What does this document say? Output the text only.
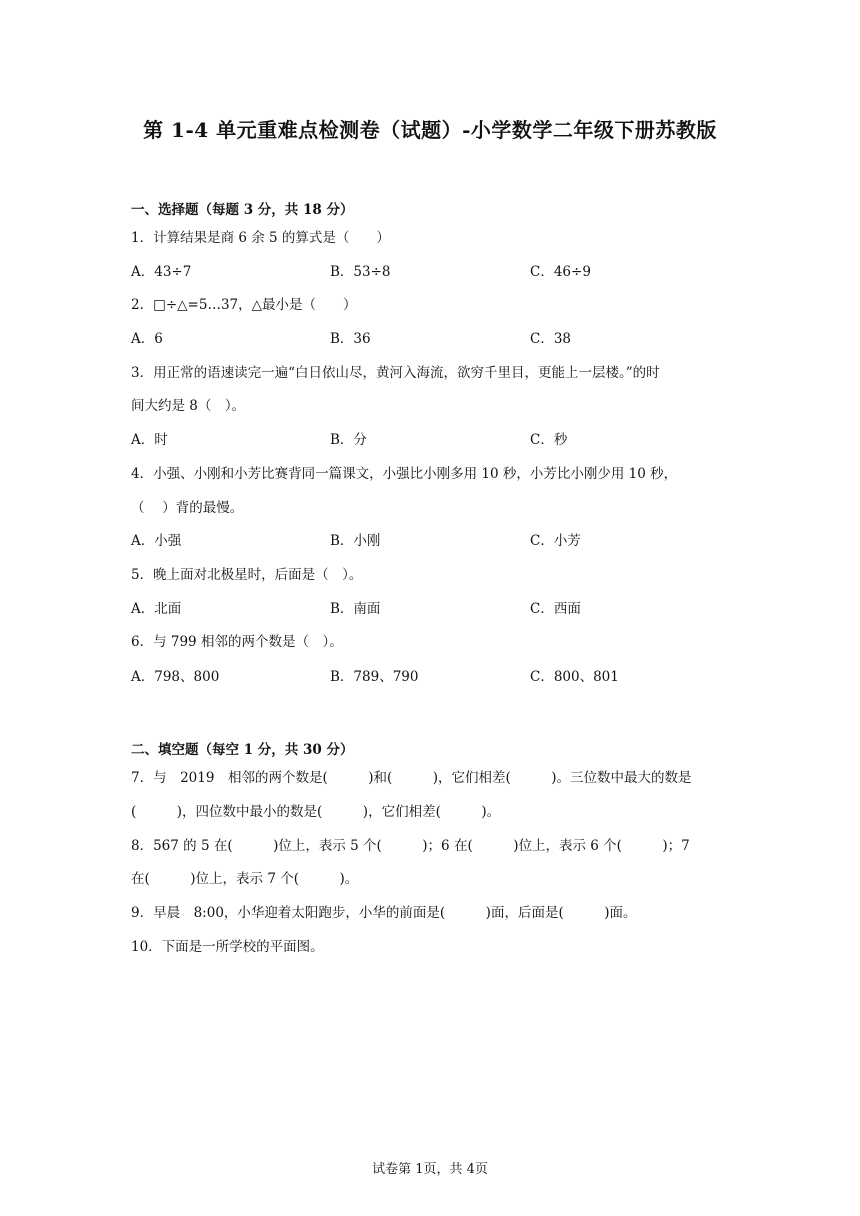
第 1-4 单元重难点检测卷（试题）-小学数学二年级下册苏教版
一、选择题（每题 3 分，共 18 分）
1．计算结果是商 6 余 5 的算式是（　　）
A．43÷7	B．53÷8	C．46÷9
2．□÷△=5…37，△最小是（　　）
A．6	B．36	C．38
3．用正常的语速读完一遍“白日依山尽，黄河入海流，欲穷千里目，更能上一层楼。”的时
间大约是 8（　）。
A．时	B．分	C．秒
4．小强、小刚和小芳比赛背同一篇课文，小强比小刚多用 10 秒，小芳比小刚少用 10 秒，
（　 ）背的最慢。
A．小强	B．小刚	C．小芳
5．晚上面对北极星时，后面是（　）。
A．北面	B．南面	C．西面
6．与 799 相邻的两个数是（　）。
A．798、800	B．789、790	C．800、801
二、填空题（每空 1 分，共 30 分）
7．与　2019　相邻的两个数是(　　　)和(　　　)，它们相差(　　　)。三位数中最大的数是
(　　　)，四位数中最小的数是(　　　)，它们相差(　　　)。
8．567 的 5 在(　　　)位上，表示 5 个(　　　)；6 在(　　　)位上，表示 6 个(　　　)；7
在(　　　)位上，表示 7 个(　　　)。
9．早晨　8:00，小华迎着太阳跑步，小华的前面是(　　　)面，后面是(　　　)面。
10．下面是一所学校的平面图。
试卷第 1页，共 4页
